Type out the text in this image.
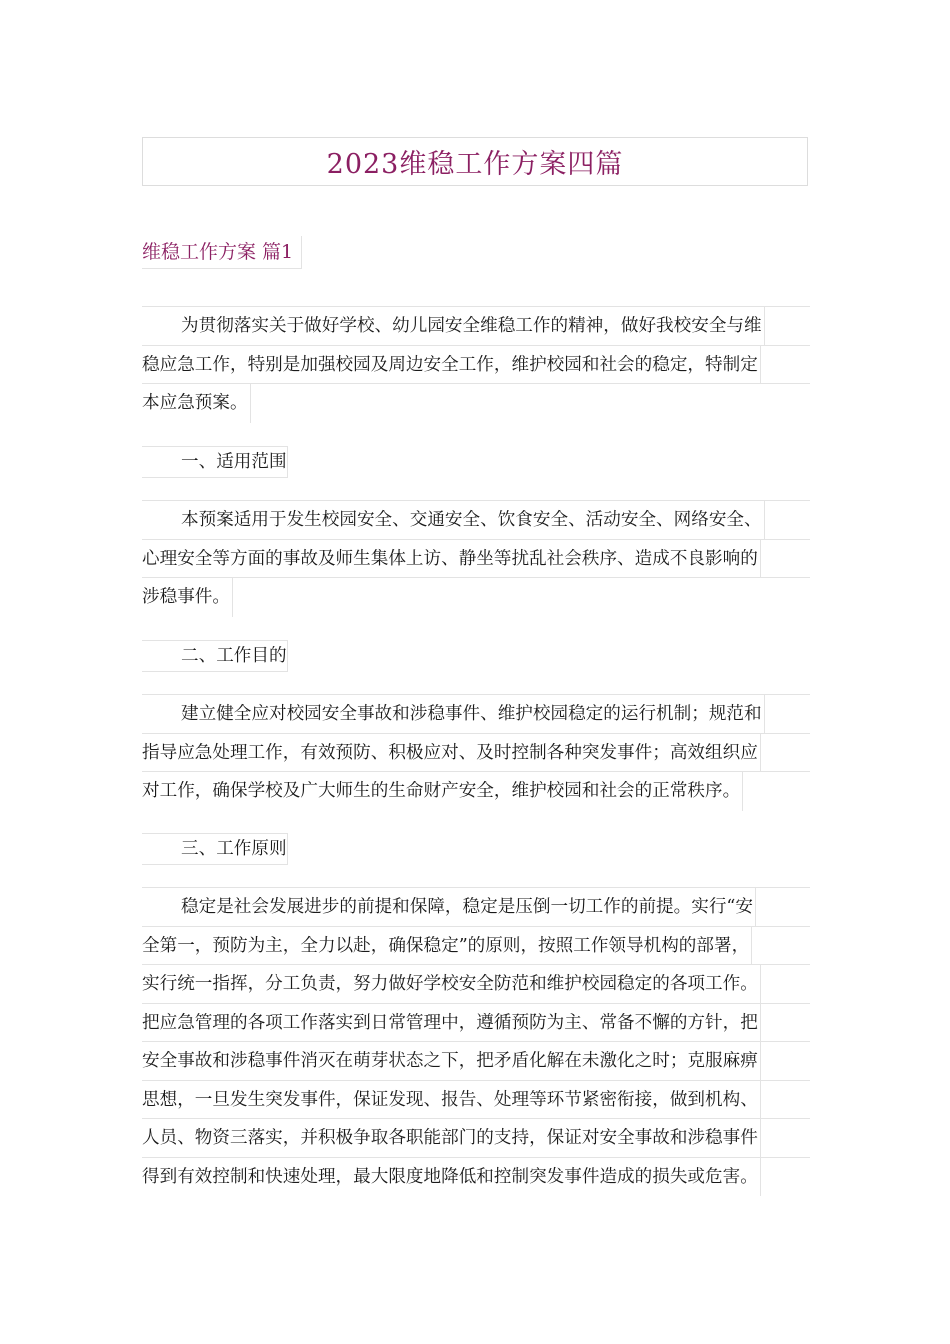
2023维稳工作方案四篇
维稳工作方案 篇1
为贯彻落实关于做好学校、幼儿园安全维稳工作的精神，做好我校安全与维
稳应急工作，特别是加强校园及周边安全工作，维护校园和社会的稳定，特制定
本应急预案。
一、适用范围
本预案适用于发生校园安全、交通安全、饮食安全、活动安全、网络安全、
心理安全等方面的事故及师生集体上访、静坐等扰乱社会秩序、造成不良影响的
涉稳事件。
二、工作目的
建立健全应对校园安全事故和涉稳事件、维护校园稳定的运行机制；规范和
指导应急处理工作，有效预防、积极应对、及时控制各种突发事件；高效组织应
对工作，确保学校及广大师生的生命财产安全，维护校园和社会的正常秩序。
三、工作原则
稳定是社会发展进步的前提和保障，稳定是压倒一切工作的前提。实行“安
全第一，预防为主，全力以赴，确保稳定”的原则，按照工作领导机构的部署，
实行统一指挥，分工负责，努力做好学校安全防范和维护校园稳定的各项工作。
把应急管理的各项工作落实到日常管理中，遵循预防为主、常备不懈的方针，把
安全事故和涉稳事件消灭在萌芽状态之下，把矛盾化解在未激化之时；克服麻痹
思想，一旦发生突发事件，保证发现、报告、处理等环节紧密衔接，做到机构、
人员、物资三落实，并积极争取各职能部门的支持，保证对安全事故和涉稳事件
得到有效控制和快速处理，最大限度地降低和控制突发事件造成的损失或危害。
